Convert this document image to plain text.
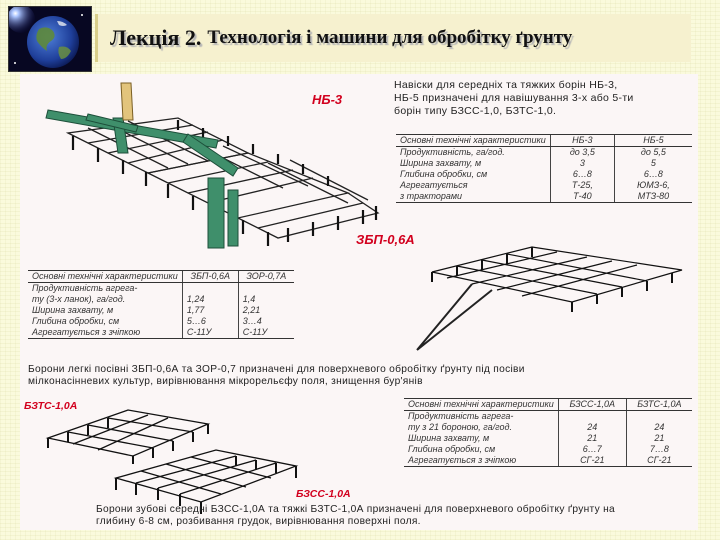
Лекція 2. Технологія і машини для обробітку ґрунту
НБ-3
Навіски для середніх та тяжких борін НБ-3,
НБ-5 призначені для навішування 3-х або 5-ти
борін типу БЗСС-1,0, БЗТС-1,0.
Основні технічні характеристики	НБ-3	НБ-5
Продуктивність, га/год.	до 3,5	до 5,5
Ширина захвату, м	3	5
Глибина обробки, см	6…8	6…8
Агрегатується	Т-25,	ЮМЗ-6,
з тракторами	Т-40	МТЗ-80
ЗБП-0,6А
Основні технічні характеристики	ЗБП-0,6А	ЗОР-0,7А
Продуктивність агрега-		
ту (3-х ланок), га/год.	1,24	1,4
Ширина захвату, м	1,77	2,21
Глибина обробки, см	5…6	3…4
Агрегатується з зчіпкою	С-11У	С-11У
Борони легкі посівні ЗБП-0,6А та ЗОР-0,7 призначені для поверхневого обробітку ґрунту під посіви
мілконасінневих культур, вирівнювання мікрорельєфу поля, знищення бур'янів
БЗТС-1,0А
БЗСС-1,0А
Основні технічні характеристики	БЗСС-1,0А	БЗТС-1,0А
Продуктивність агрега-		
ту з 21 бороною, га/год.	24	24
Ширина захвату, м	21	21
Глибина обробки, см	6…7	7…8
Агрегатується з зчіпкою	СГ-21	СГ-21
Борони зубові середні БЗСС-1,0А та тяжкі БЗТС-1,0А призначені для поверхневого обробітку ґрунту на
глибину 6-8 см, розбивання грудок, вирівнювання поверхні поля.
